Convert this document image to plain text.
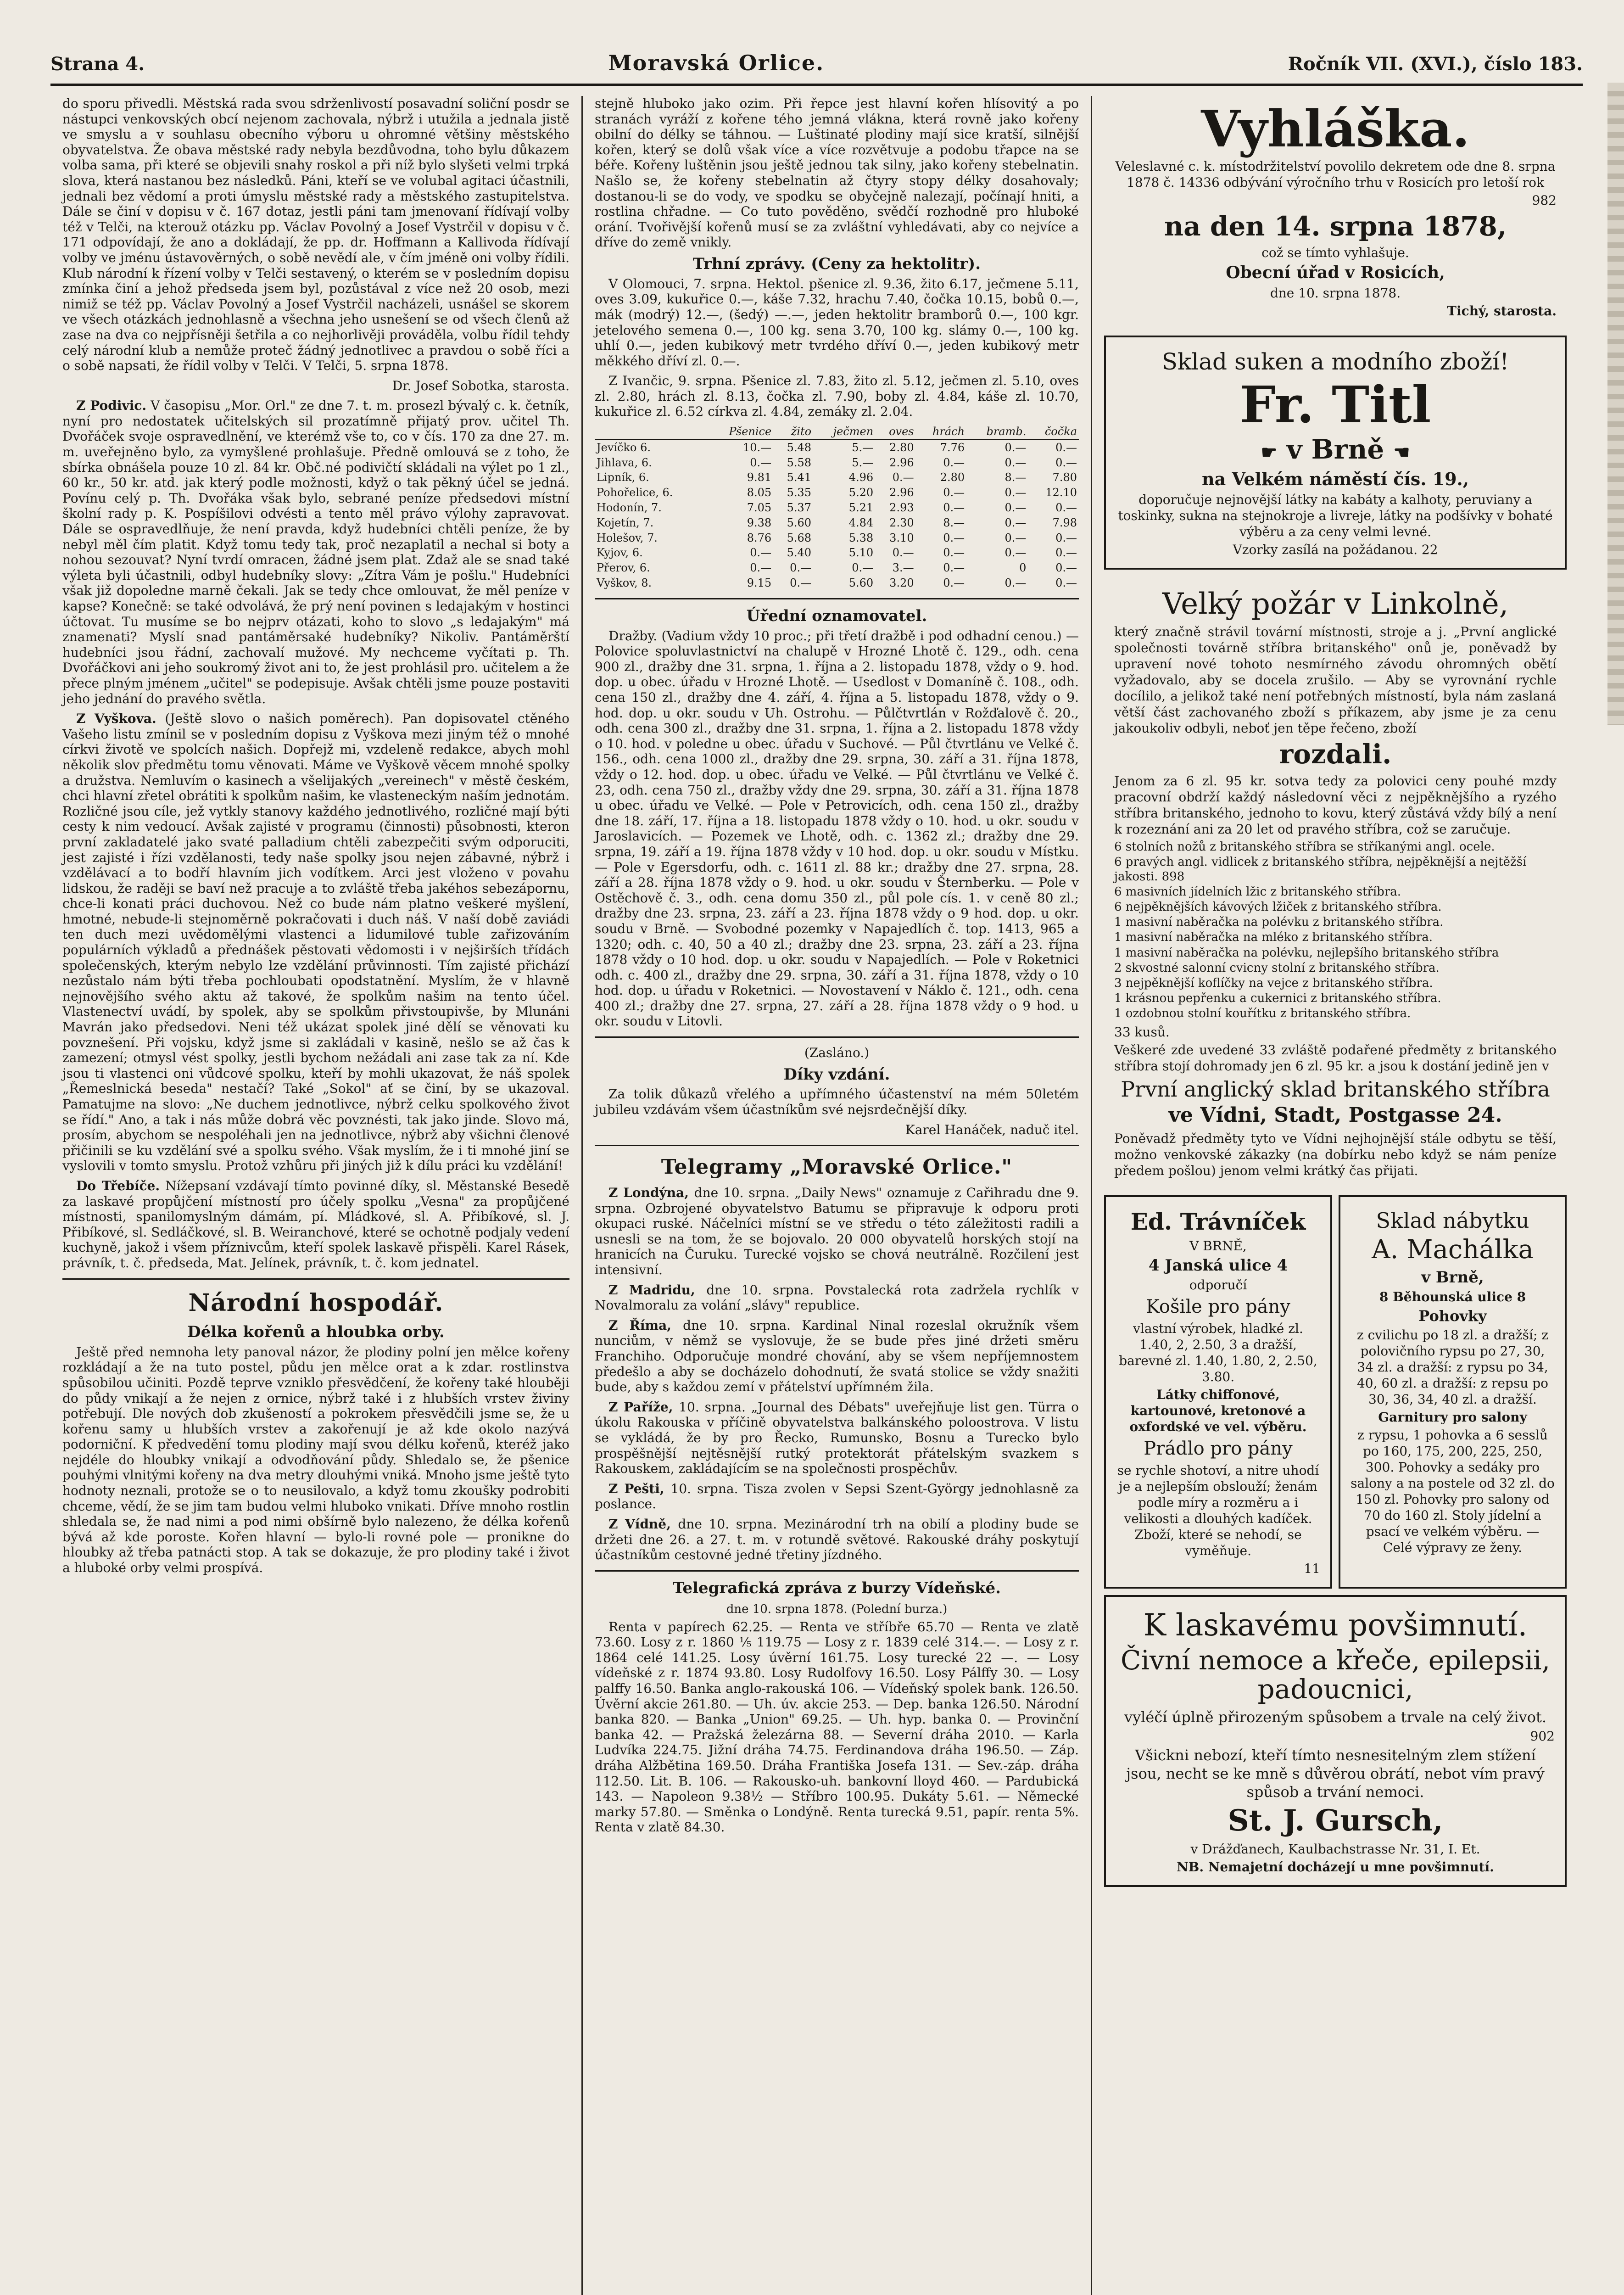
Strana 4.	Moravská Orlice.	Ročník VII. (XVI.), číslo 183.

do sporu přivedli. Městská rada svou sdrženlivostí posavadní soliční posdr se nástupci venkovských obcí nejenom zachovala, nýbrž i utužila a jednala jistě ve smyslu a v souhlasu obecního výboru u ohromné většiny městského obyvatelstva. Že obava městské rady nebyla bezdůvodna, toho bylu důkazem volba sama, při které se objevili snahy roskol a při níž bylo slyšeti velmi trpká slova, která nastanou bez následků. Páni, kteří se ve volubal agitaci účastnili, jednali bez vědomí a proti úmyslu městské rady a městského zastupitelstva. Dále se činí v dopisu v č. 167 dotaz, jestli páni tam jmenovaní řídívají volby též v Telči, na kterouž otázku pp. Václav Povolný a Josef Vystrčil v dopisu v č. 171 odpovídají, že ano a dokládají, že pp. dr. Hoffmann a Kallivoda řídívají volby ve jménu ústavověrných, o sobě nevědí ale, v čím jméně oni volby řídili. Klub národní k řízení volby v Telči sestavený, o kterém se v posledním dopisu zmínka činí a jehož předseda jsem byl, pozůstával z více než 20 osob, mezi nimiž se též pp. Václav Povolný a Josef Vystrčil nacházeli, usnášel se skorem ve všech otázkách jednohlasně a všechna jeho usnešení se od všech členů až zase na dva co nejpřísněji šetřila a co nejhorlivěji prováděla, volbu řídil tehdy celý národní klub a nemůže proteč žádný jednotlivec a pravdou o sobě říci a o sobě napsati, že řídil volby v Telči. V Telči, 5. srpna 1878.

Dr. Josef Sobotka, starosta.

Z Podivic. V časopisu „Mor. Orl." ze dne 7. t. m. prosezl bývalý c. k. četník, nyní pro nedostatek učitelských sil prozatímně přijatý prov. učitel Th. Dvořáček svoje ospravedlnění, ve kterémž vše to, co v čís. 170 za dne 27. m. m. uveřejněno bylo, za vymyšlené prohlašuje. Předně omlouvá se z toho, že sbírka obnášela pouze 10 zl. 84 kr. Obč.né podivičtí skládali na výlet po 1 zl., 60 kr., 50 kr. atd. jak který podle možnosti, když o tak pěkný účel se jedná. Povínu celý p. Th. Dvořáka však bylo, sebrané peníze předsedovi místní školní rady p. K. Pospíšilovi odvésti a tento měl právo výlohy zapravovat. Dále se ospravedlňuje, že není pravda, když hudebníci chtěli peníze, že by nebyl měl čím platit. Když tomu tedy tak, proč nezaplatil a nechal si boty a nohou sezouvat? Nyní tvrdí omracen, žádné jsem plat. Zdaž ale se snad také výleta byli účastnili, odbyl hudebníky slovy: „Zítra Vám je pošlu." Hudebníci však již dopoledne marně čekali. Jak se tedy chce omlouvat, že měl peníze v kapse? Konečně: se také odvolává, že prý není povinen s ledajakým v hostinci účtovat. Tu musíme se bo nejprv otázati, koho to slovo „s ledajakým" má znamenati? Myslí snad pantáměrsaké hudebníky? Nikoliv. Pantáměrští hudebníci jsou řádní, zachovalí mužové. My nechceme vyčítati p. Th. Dvořáčkovi ani jeho soukromý život ani to, že jest prohlásil pro. učitelem a že přece plným jménem „učitel" se podepisuje. Avšak chtěli jsme pouze postaviti jeho jednání do pravého světla.

Z Vyškova. (Ještě slovo o našich poměrech). Pan dopisovatel ctěného Vašeho listu zmínil se v posledním dopisu z Vyškova mezi jiným též o mnohé církvi životě ve spolcích našich. Dopřejž mi, vzdeleně redakce, abych mohl několik slov předmětu tomu věnovati. Máme ve Vyškově věcem mnohé spolky a družstva. Nemluvím o kasinech a všelijakých „vereinech" v městě českém, chci hlavní zřetel obrátiti k spolkům našim, ke vlasteneckým naším jednotám. Rozličné jsou cíle, jež vytkly stanovy každého jednotlivého, rozličné mají býti cesty k nim vedoucí. Avšak zajisté v programu (činnosti) působnosti, kteron první zakladatelé jako svaté palladium chtěli zabezpečiti svým odporuciti, jest zajisté i řízi vzdělanosti, tedy naše spolky jsou nejen zábavné, nýbrž i vzdělávací a to bodří hlavním jich vodítkem. Arci jest vloženo v povahu lidskou, že raději se baví než pracuje a to zvláště třeba jakéhos sebezápornu, chce-li konati práci duchovou. Než co bude nám platno veškeré myšlení, hmotné, nebude-li stejnoměrně pokračovati i duch náš. V naší době zaviádi ten duch mezi uvědomělými vlastenci a lidumilové tuble zařizováním populárních výkladů a přednášek pěstovati vědomosti i v nejširších třídách společenských, kterým nebylo lze vzdělání průvinnosti. Tím zajisté přichází nezůstalo nám býti třeba pochloubati opodstatnění. Myslím, že v hlavně nejnovějšího svého aktu až takové, že spolkům našim na tento účel. Vlastenectví uvádí, by spolek, aby se spolkům přivstoupivše, by Mlunáni Mavrán jako předsedovi. Neni též ukázat spolek jiné dělí se věnovati ku povznešení. Při vojsku, když jsme si zakládali v kasině, nešlo se až čas k zamezení; otmysl vést spolky, jestli bychom nežádali ani zase tak za ní. Kde jsou ti vlastenci oni vůdcové spolku, kteří by mohli ukazovat, že náš spolek „Řemeslnická beseda" nestačí? Také „Sokol" ať se činí, by se ukazoval. Pamatujme na slovo: „Ne duchem jednotlivce, nýbrž celku spolkového život se řídí." Ano, a tak i nás může dobrá věc povznésti, tak jako jinde. Slovo má, prosím, abychom se nespoléhali jen na jednotlivce, nýbrž aby všichni členové přičinili se ku vzdělání své a spolku svého. Však myslím, že i ti mnohé jiní se vyslovili v tomto smyslu. Protož vzhůru při jiných již k dílu práci ku vzdělání!

Do Třebíče. Nížepsaní vzdávají tímto povinné díky, sl. Městanské Besedě za laskavé propůjčení místností pro účely spolku „Vesna" za propůjčené místnosti, spanilomyslným dámám, pí. Mládkové, sl. A. Přibíkové, sl. J. Přibíkové, sl. Sedláčkové, sl. B. Weiranchové, které se ochotně podjaly vedení kuchyně, jakož i všem příznivcům, kteří spolek laskavě přispěli. Karel Rásek, právník, t. č. předseda, Mat. Jelínek, právník, t. č. kom jednatel.

Národní hospodář.
Délka kořenů a hloubka orby.

Ještě před nemnoha lety panoval názor, že plodiny polní jen mělce kořeny rozkládají a že na tuto postel, půdu jen mělce orat a k zdar. rostlinstva spůsobilou učiniti. Pozdě teprve vzniklo přesvědčení, že kořeny také hlouběji do půdy vnikají a že nejen z ornice, nýbrž také i z hlubších vrstev živiny potřebují. Dle nových dob zkušeností a pokrokem přesvědčili jsme se, že u kořenu samy u hlubších vrstev a zakořenují je až kde okolo nazývá podorniční. K předvedění tomu plodiny mají svou délku kořenů, kteréž jako nejdéle do hloubky vnikají a odvodňování půdy. Shledalo se, že pšenice pouhými vlnitými kořeny na dva metry dlouhými vniká. Mnoho jsme ještě tyto hodnoty neznali, protože se o to neusilovalo, a když tomu zkoušky podrobiti chceme, vědí, že se jim tam budou velmi hluboko vnikati. Dříve mnoho rostlin shledala se, že nad nimi a pod nimi obšírně bylo nalezeno, že délka kořenů bývá až kde poroste. Kořen hlavní — bylo-li rovné pole — pronikne do hloubky až třeba patnácti stop. A tak se dokazuje, že pro plodiny také i život a hluboké orby velmi prospívá.

stejně hluboko jako ozim. Při řepce jest hlavní kořen hlísovitý a po stranách vyráží z kořene tého jemná vlákna, která rovně jako kořeny obilní do délky se táhnou. — Luštinaté plodiny mají sice kratší, silnější kořen, který se dolů však více a více rozvětvuje a podobu třapce na se béře. Kořeny luštěnin jsou ještě jednou tak silny, jako kořeny stebelnatin. Našlo se, že kořeny stebelnatin až čtyry stopy délky dosahovaly; dostanou-li se do vody, ve spodku se obyčejně nalezají, počínají hniti, a rostlina chřadne. — Co tuto pověděno, svědčí rozhodně pro hluboké orání. Tvořivější kořenů musí se za zvláštní vyhledávati, aby co nejvíce a dříve do země vnikly.

Trhní zprávy. (Ceny za hektolitr).

V Olomouci, 7. srpna. Hektol. pšenice zl. 9.36, žito 6.17, ječmene 5.11, oves 3.09, kukuřice 0.—, káše 7.32, hrachu 7.40, čočka 10.15, bobů 0.—, mák (modrý) 12.—, (šedý) —.—, jeden hektolitr bramborů 0.—, 100 kgr. jetelového semena 0.—, 100 kg. sena 3.70, 100 kg. slámy 0.—, 100 kg. uhlí 0.—, jeden kubikový metr tvrdého dříví 0.—, jeden kubikový metr měkkého dříví zl. 0.—.

Z Ivančic, 9. srpna. Pšenice zl. 7.83, žito zl. 5.12, ječmen zl. 5.10, oves zl. 2.80, hrách zl. 8.13, čočka zl. 7.90, boby zl. 4.84, káše zl. 10.70, kukuřice zl. 6.52 církva zl. 4.84, zemáky zl. 2.04.

	Pšenice	žito	ječmen	oves	hrách	bramb.	čočka
Jevíčko 6.	10.—	5.48	5.—	2.80	7.76	0.—	0.—
Jihlava, 6.	0.—	5.58	5.—	2.96	0.—	0.—	0.—
Lipník, 6.	9.81	5.41	4.96	0.—	2.80	8.—	7.80
Pohořelice, 6.	8.05	5.35	5.20	2.96	0.—	0.—	12.10
Hodonín, 7.	7.05	5.37	5.21	2.93	0.—	0.—	0.—
Kojetín, 7.	9.38	5.60	4.84	2.30	8.—	0.—	7.98
Holešov, 7.	8.76	5.68	5.38	3.10	0.—	0.—	0.—
Kyjov, 6.	0.—	5.40	5.10	0.—	0.—	0.—	0.—
Přerov, 6.	0.—	0.—	0.—	3.—	0.—	0	0.—
Vyškov, 8.	9.15	0.—	5.60	3.20	0.—	0.—	0.—
Úřední oznamovatel.

Dražby. (Vadium vždy 10 proc.; při třetí dražbě i pod odhadní cenou.) — Polovice spoluvlastnictví na chalupě v Hrozné Lhotě č. 129., odh. cena 900 zl., dražby dne 31. srpna, 1. října a 2. listopadu 1878, vždy o 9. hod. dop. u obec. úřadu v Hrozné Lhotě. — Usedlost v Domaníně č. 108., odh. cena 150 zl., dražby dne 4. září, 4. října a 5. listopadu 1878, vždy o 9. hod. dop. u okr. soudu v Uh. Ostrohu. — Půlčtvrtlán v Rožďalově č. 20., odh. cena 300 zl., dražby dne 31. srpna, 1. října a 2. listopadu 1878 vždy o 10. hod. v poledne u obec. úřadu v Suchové. — Půl čtvrtlánu ve Velké č. 156., odh. cena 1000 zl., dražby dne 29. srpna, 30. září a 31. října 1878, vždy o 12. hod. dop. u obec. úřadu ve Velké. — Půl čtvrtlánu ve Velké č. 23, odh. cena 750 zl., dražby vždy dne 29. srpna, 30. září a 31. října 1878 u obec. úřadu ve Velké. — Pole v Petrovicích, odh. cena 150 zl., dražby dne 18. září, 17. října a 18. listopadu 1878 vždy o 10. hod. u okr. soudu v Jaroslavicích. — Pozemek ve Lhotě, odh. c. 1362 zl.; dražby dne 29. srpna, 19. září a 19. října 1878 vždy v 10 hod. dop. u okr. soudu v Místku. — Pole v Egersdorfu, odh. c. 1611 zl. 88 kr.; dražby dne 27. srpna, 28. září a 28. října 1878 vždy o 9. hod. u okr. soudu v Šternberku. — Pole v Ostěchově č. 3., odh. cena domu 350 zl., půl pole cís. 1. v ceně 80 zl.; dražby dne 23. srpna, 23. září a 23. října 1878 vždy o 9 hod. dop. u okr. soudu v Brně. — Svobodné pozemky v Napajedlích č. top. 1413, 965 a 1320; odh. c. 40, 50 a 40 zl.; dražby dne 23. srpna, 23. září a 23. října 1878 vždy o 10 hod. dop. u okr. soudu v Napajedlích. — Pole v Roketnici odh. c. 400 zl., dražby dne 29. srpna, 30. září a 31. října 1878, vždy o 10 hod. dop. u úřadu v Roketnici. — Novostavení v Náklo č. 121., odh. cena 400 zl.; dražby dne 27. srpna, 27. září a 28. října 1878 vždy o 9 hod. u okr. soudu v Litovli.

(Zasláno.)
Díky vzdání.

Za tolik důkazů vřelého a upřímného účastenství na mém 50letém jubileu vzdávám všem účastníkům své nejsrdečnější díky.

Karel Hanáček, naduč itel.

Telegramy „Moravské Orlice."

Z Londýna, dne 10. srpna. „Daily News" oznamuje z Cařihradu dne 9. srpna. Ozbrojené obyvatelstvo Batumu se připravuje k odporu proti okupaci ruské. Náčelníci místní se ve středu o této záležitosti radili a usnesli se na tom, že se bojovalo. 20 000 obyvatelů horských stojí na hranicích na Čuruku. Turecké vojsko se chová neutrálně. Rozčilení jest intensivní.

Z Madridu, dne 10. srpna. Povstalecká rota zadržela rychlík v Novalmoralu za volání „slávy" republice.

Z Říma, dne 10. srpna. Kardinal Ninal rozeslal okružník všem nunciům, v němž se vyslovuje, že se bude přes jiné držeti směru Franchiho. Odporučuje mondré chování, aby se všem nepříjemnostem předešlo a aby se docházelo dohodnutí, že svatá stolice se vždy snažiti bude, aby s každou zemí v přátelství upřímném žila.

Z Paříže, 10. srpna. „Journal des Débats" uveřejňuje list gen. Türra o úkolu Rakouska v příčině obyvatelstva balkánského poloostrova. V listu se vykládá, že by pro Řecko, Rumunsko, Bosnu a Turecko bylo prospěšnější nejtěsnější rutký protektorát přátelským svazkem s Rakouskem, zakládajícím se na společnosti prospěchův.

Z Pešti, 10. srpna. Tisza zvolen v Sepsi Szent-György jednohlasně za poslance.

Z Vídně, dne 10. srpna. Mezinárodní trh na obilí a plodiny bude se držeti dne 26. a 27. t. m. v rotundě světové. Rakouské dráhy poskytují účastníkům cestovné jedné třetiny jízdného.

Telegrafická zpráva z burzy Vídeňské.
dne 10. srpna 1878. (Polední burza.)

Renta v papírech 62.25. — Renta ve stříbře 65.70 — Renta ve zlatě 73.60. Losy z r. 1860 ⅕ 119.75 — Losy z r. 1839 celé 314.—. — Losy z r. 1864 celé 141.25. Losy úvěrní 161.75. Losy turecké 22 —. — Losy vídeňské z r. 1874 93.80. Losy Rudolfovy 16.50. Losy Pálffy 30. — Losy palffy 16.50. Banka anglo-rakouská 106. — Vídeňský spolek bank. 126.50. Úvěrní akcie 261.80. — Uh. úv. akcie 253. — Dep. banka 126.50. Národní banka 820. — Banka „Union" 69.25. — Uh. hyp. banka 0. — Provinční banka 42. — Pražská železárna 88. — Severní dráha 2010. — Karla Ludvíka 224.75. Jižní dráha 74.75. Ferdinandova dráha 196.50. — Záp. dráha Alžbětina 169.50. Dráha Františka Josefa 131. — Sev.-záp. dráha 112.50. Lit. B. 106. — Rakousko-uh. bankovní lloyd 460. — Pardubická 143. — Napoleon 9.38½ — Stříbro 100.95. Dukáty 5.61. — Německé marky 57.80. — Směnka o Londýně. Renta turecká 9.51, papír. renta 5%. Renta v zlatě 84.30.

Vyhláška.
Veleslavné c. k. místodržitelství povolilo dekretem ode dne 8. srpna 1878 č. 14336 odbývání výročního trhu v Rosicích pro letoší rok
982
na den 14. srpna 1878,
což se tímto vyhlašuje.
Obecní úřad v Rosicích,
dne 10. srpna 1878.
Tichý, starosta.
Sklad suken a modního zboží!
Fr. Titl
☛ v Brně ☚
na Velkém náměstí čís. 19.,
doporučuje nejnovější látky na kabáty a kalhoty, peruviany a toskinky, sukna na stejnokroje a livreje, látky na podšívky v bohaté výběru a za ceny velmi levné.
Vzorky zasílá na požádanou. 22
Velký požár v Linkolně,
který značně strávil tovární místnosti, stroje a j. „První anglické společnosti továrně stříbra britanského" onů je, poněvadž by upravení nové tohoto nesmírného závodu ohromných obětí vyžadovalo, aby se docela zrušilo. — Aby se vyrovnání rychle docílilo, a jelikož také není potřebných místností, byla nám zaslaná větší část zachovaného zboží s příkazem, aby jsme je za cenu jakoukoliv odbyli, neboť jen těpe řečeno, zboží
rozdali.
Jenom za 6 zl. 95 kr. sotva tedy za polovici ceny pouhé mzdy pracovní obdrží každý následovní věci z nejpěknějšího a ryzého stříbra britanského, jednoho to kovu, který zůstává vždy bílý a není k rozeznání ani za 20 let od pravého stříbra, což se zaručuje.
6 stolních nožů z britanského stříbra se stříkanými angl. ocele.
6 pravých angl. vidlicek z britanského stříbra, nejpěknější a nejtěžší jakosti. 898
6 masivních jídelních lžic z britanského stříbra.
6 nejpěknějších kávových lžiček z britanského stříbra.
1 masivní naběračka na polévku z britanského stříbra.
1 masivní naběračka na mléko z britanského stříbra.
1 masivní naběračka na polévku, nejlepšího britanského stříbra
2 skvostné salonní cvicny stolní z britanského stříbra.
3 nejpěknější koflíčky na vejce z britanského stříbra.
1 krásnou pepřenku a cukernici z britanského stříbra.
1 ozdobnou stolní kouřítku z britanského stříbra.
33 kusů.
Veškeré zde uvedené 33 zvláště podařené předměty z britanského stříbra stojí dohromady jen 6 zl. 95 kr. a jsou k dostání jedině jen v
První anglický sklad britanského stříbra
ve Vídni, Stadt, Postgasse 24.
Poněvadž předměty tyto ve Vídni nejhojnější stále odbytu se těší, možno venkovské zákazky (na dobírku nebo když se nám peníze předem pošlou) jenom velmi krátký čas přijati.
Ed. Trávníček
V BRNĚ,
4 Janská ulice 4
odporučí
Košile pro pány
vlastní výrobek, hladké zl. 1.40, 2, 2.50, 3 a dražší, barevné zl. 1.40, 1.80, 2, 2.50, 3.80.
Látky chiffonové, kartounové, kretonové a oxfordské ve vel. výběru.
Prádlo pro pány
se rychle shotoví, a nitre uhodí je a nejlepším obslouží; ženám podle míry a rozměru a i velikosti a dlouhých kadíček. Zboží, které se nehodí, se vyměňuje.
11
Sklad nábytku
A. Machálka
v Brně,
8 Běhounská ulice 8
Pohovky
z cvilichu po 18 zl. a dražší; z polovičního rypsu po 27, 30, 34 zl. a dražší: z rypsu po 34, 40, 60 zl. a dražší: z repsu po 30, 36, 34, 40 zl. a dražší.
Garnitury pro salony
z rypsu, 1 pohovka a 6 sesslů po 160, 175, 200, 225, 250, 300. Pohovky a sedáky pro salony a na postele od 32 zl. do 150 zl. Pohovky pro salony od 70 do 160 zl. Stoly jídelní a psací ve velkém výběru. — Celé výpravy ze ženy.
K laskavému povšimnutí.
Čivní nemoce a křeče, epilepsii, padoucnici,
vyléčí úplně přirozeným spůsobem a trvale na celý život.
902
Všickni nebozí, kteří tímto nesnesitelným zlem stížení jsou, necht se ke mně s důvěrou obrátí, nebot vím pravý spůsob a trvání nemoci.
St. J. Gursch,
v Drážďanech, Kaulbachstrasse Nr. 31, I. Et.
NB. Nemajetní docházejí u mne povšimnutí.
